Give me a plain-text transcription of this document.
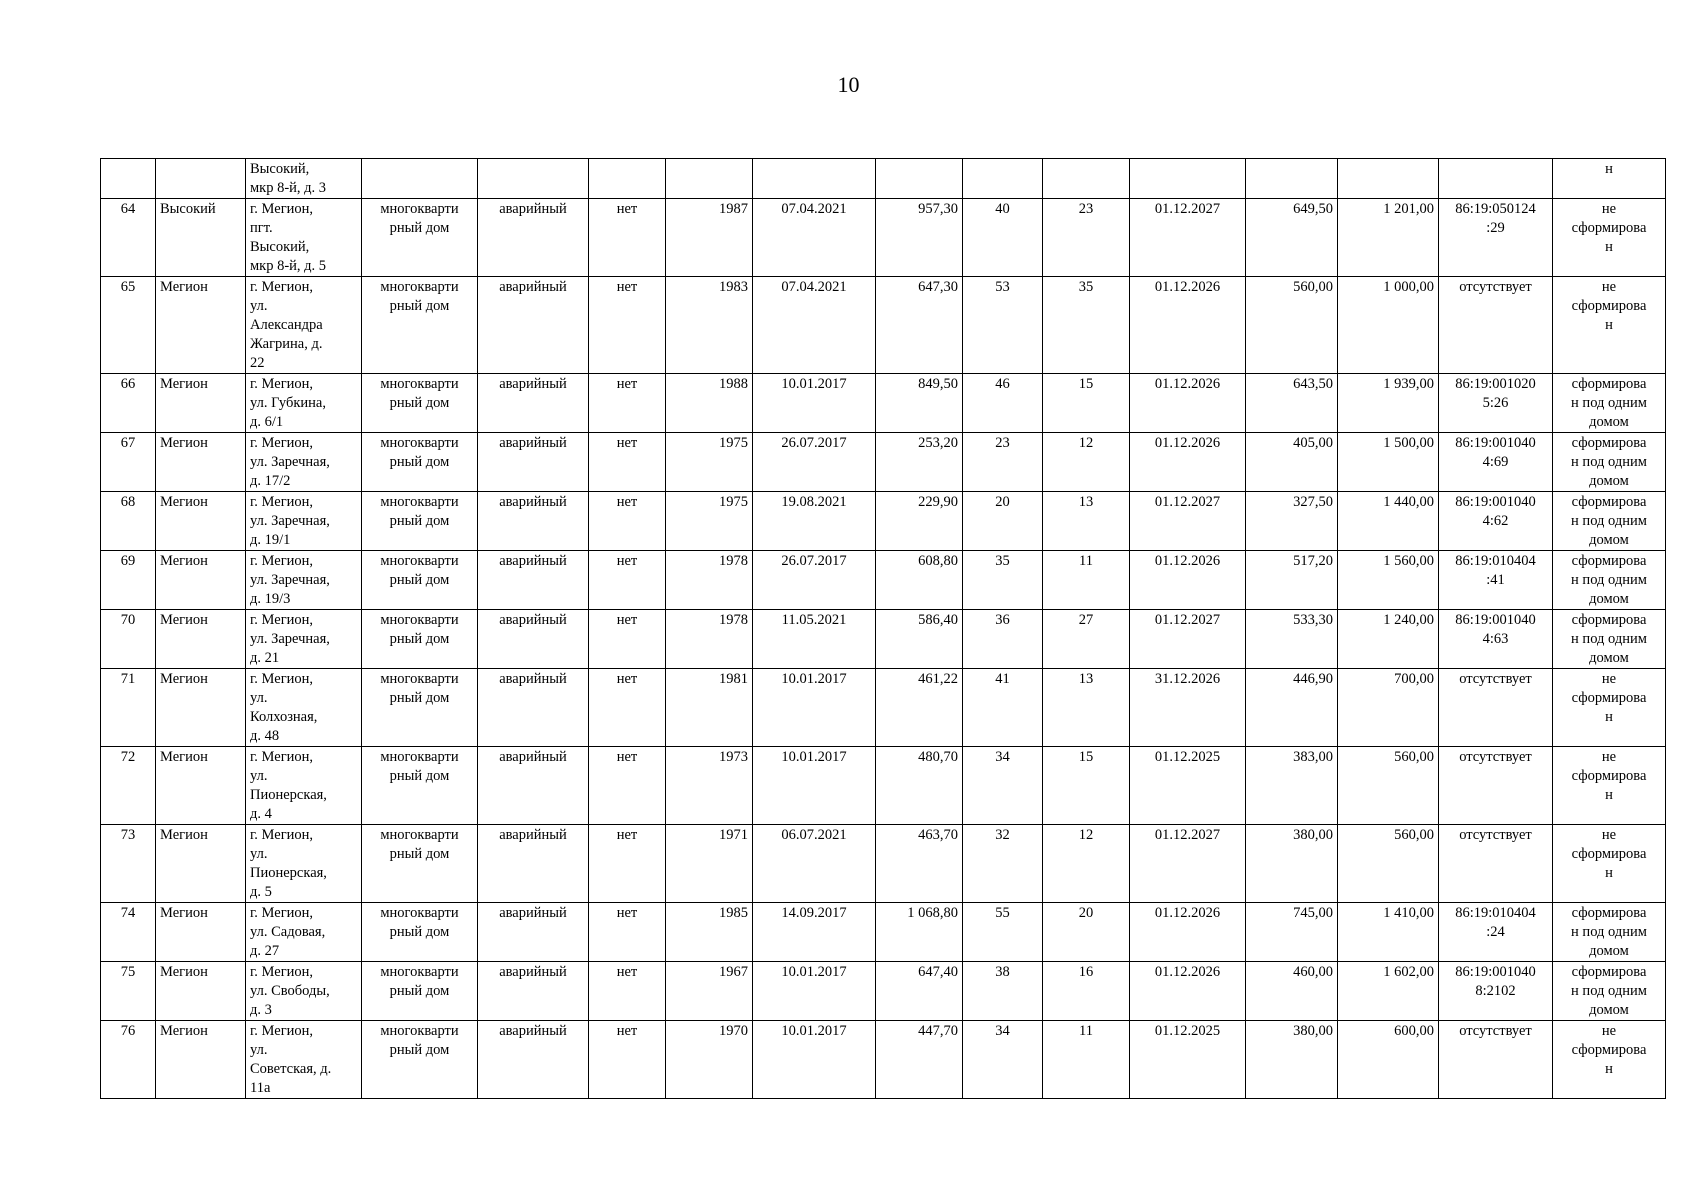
10
		Высокий,
мкр 8-й, д. 3													н
64	Высокий	г. Мегион,
пгт.
Высокий,
мкр 8-й, д. 5	многокварти
рный дом	аварийный	нет	1987	07.04.2021	957,30	40	23	01.12.2027	649,50	1 201,00	86:19:050124
:29	не
сформирова
н
65	Мегион	г. Мегион,
ул.
Александра
Жагрина, д.
22	многокварти
рный дом	аварийный	нет	1983	07.04.2021	647,30	53	35	01.12.2026	560,00	1 000,00	отсутствует	не
сформирова
н
66	Мегион	г. Мегион,
ул. Губкина,
д. 6/1	многокварти
рный дом	аварийный	нет	1988	10.01.2017	849,50	46	15	01.12.2026	643,50	1 939,00	86:19:001020
5:26	сформирова
н под одним
домом
67	Мегион	г. Мегион,
ул. Заречная,
д. 17/2	многокварти
рный дом	аварийный	нет	1975	26.07.2017	253,20	23	12	01.12.2026	405,00	1 500,00	86:19:001040
4:69	сформирова
н под одним
домом
68	Мегион	г. Мегион,
ул. Заречная,
д. 19/1	многокварти
рный дом	аварийный	нет	1975	19.08.2021	229,90	20	13	01.12.2027	327,50	1 440,00	86:19:001040
4:62	сформирова
н под одним
домом
69	Мегион	г. Мегион,
ул. Заречная,
д. 19/3	многокварти
рный дом	аварийный	нет	1978	26.07.2017	608,80	35	11	01.12.2026	517,20	1 560,00	86:19:010404
:41	сформирова
н под одним
домом
70	Мегион	г. Мегион,
ул. Заречная,
д. 21	многокварти
рный дом	аварийный	нет	1978	11.05.2021	586,40	36	27	01.12.2027	533,30	1 240,00	86:19:001040
4:63	сформирова
н под одним
домом
71	Мегион	г. Мегион,
ул.
Колхозная,
д. 48	многокварти
рный дом	аварийный	нет	1981	10.01.2017	461,22	41	13	31.12.2026	446,90	700,00	отсутствует	не
сформирова
н
72	Мегион	г. Мегион,
ул.
Пионерская,
д. 4	многокварти
рный дом	аварийный	нет	1973	10.01.2017	480,70	34	15	01.12.2025	383,00	560,00	отсутствует	не
сформирова
н
73	Мегион	г. Мегион,
ул.
Пионерская,
д. 5	многокварти
рный дом	аварийный	нет	1971	06.07.2021	463,70	32	12	01.12.2027	380,00	560,00	отсутствует	не
сформирова
н
74	Мегион	г. Мегион,
ул. Садовая,
д. 27	многокварти
рный дом	аварийный	нет	1985	14.09.2017	1 068,80	55	20	01.12.2026	745,00	1 410,00	86:19:010404
:24	сформирова
н под одним
домом
75	Мегион	г. Мегион,
ул. Свободы,
д. 3	многокварти
рный дом	аварийный	нет	1967	10.01.2017	647,40	38	16	01.12.2026	460,00	1 602,00	86:19:001040
8:2102	сформирова
н под одним
домом
76	Мегион	г. Мегион,
ул.
Советская, д.
11а	многокварти
рный дом	аварийный	нет	1970	10.01.2017	447,70	34	11	01.12.2025	380,00	600,00	отсутствует	не
сформирова
н
